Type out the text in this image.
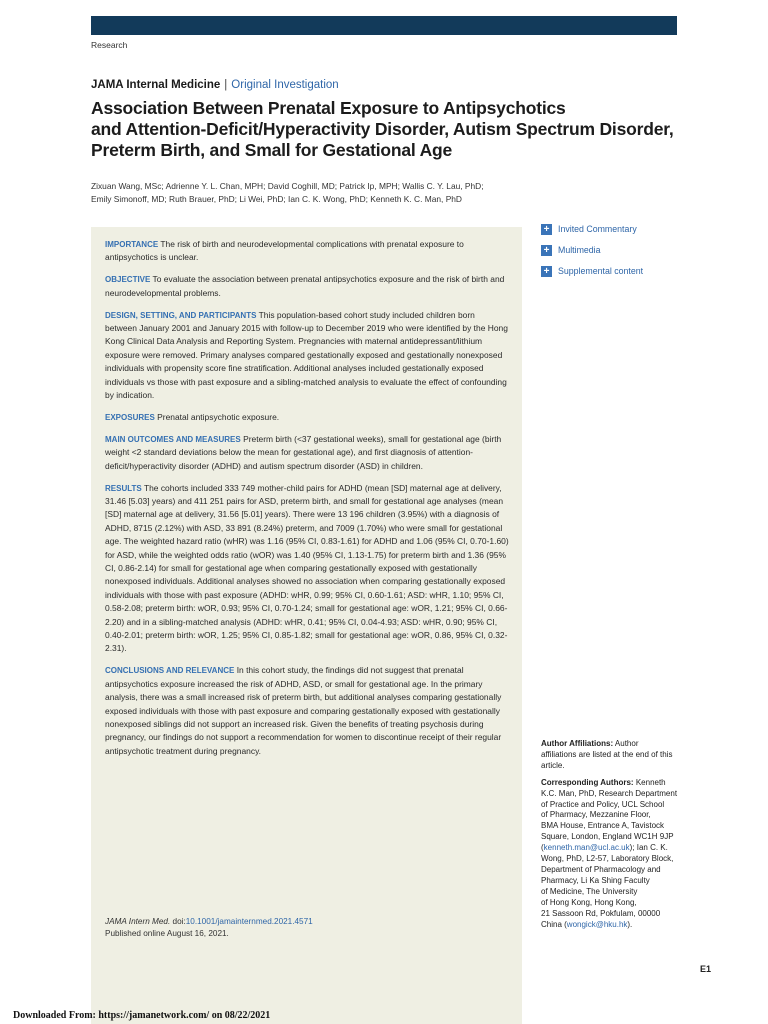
Research
JAMA Internal Medicine | Original Investigation
Association Between Prenatal Exposure to Antipsychotics
and Attention-Deficit/Hyperactivity Disorder, Autism Spectrum Disorder,
Preterm Birth, and Small for Gestational Age
Zixuan Wang, MSc; Adrienne Y. L. Chan, MPH; David Coghill, MD; Patrick Ip, MPH; Wallis C. Y. Lau, PhD;
Emily Simonoff, MD; Ruth Brauer, PhD; Li Wei, PhD; Ian C. K. Wong, PhD; Kenneth K. C. Man, PhD

IMPORTANCE The risk of birth and neurodevelopmental complications with prenatal exposure to antipsychotics is unclear.

OBJECTIVE To evaluate the association between prenatal antipsychotics exposure and the risk of birth and neurodevelopmental problems.

DESIGN, SETTING, AND PARTICIPANTS This population-based cohort study included children born between January 2001 and January 2015 with follow-up to December 2019 who were identified by the Hong Kong Clinical Data Analysis and Reporting System. Pregnancies with maternal antidepressant/lithium exposure were removed. Primary analyses compared gestationally exposed and gestationally nonexposed individuals with propensity score fine stratification. Additional analyses included gestationally exposed individuals vs those with past exposure and a sibling-matched analysis to evaluate the effect of confounding by indication.

EXPOSURES Prenatal antipsychotic exposure.

MAIN OUTCOMES AND MEASURES Preterm birth (<37 gestational weeks), small for gestational age (birth weight <2 standard deviations below the mean for gestational age), and first diagnosis of attention-deficit/hyperactivity disorder (ADHD) and autism spectrum disorder (ASD) in children.

RESULTS The cohorts included 333 749 mother-child pairs for ADHD (mean [SD] maternal age at delivery, 31.46 [5.03] years) and 411 251 pairs for ASD, preterm birth, and small for gestational age analyses (mean [SD] maternal age at delivery, 31.56 [5.01] years). There were 13 196 children (3.95%) with a diagnosis of ADHD, 8715 (2.12%) with ASD, 33 891 (8.24%) preterm, and 7009 (1.70%) who were small for gestational age. The weighted hazard ratio (wHR) was 1.16 (95% CI, 0.83-1.61) for ADHD and 1.06 (95% CI, 0.70-1.60) for ASD, while the weighted odds ratio (wOR) was 1.40 (95% CI, 1.13-1.75) for preterm birth and 1.36 (95% CI, 0.86-2.14) for small for gestational age when comparing gestationally exposed with gestationally nonexposed individuals. Additional analyses showed no association when comparing gestationally exposed individuals with those with past exposure (ADHD: wHR, 0.99; 95% CI, 0.60-1.61; ASD: wHR, 1.10; 95% CI, 0.58-2.08; preterm birth: wOR, 0.93; 95% CI, 0.70-1.24; small for gestational age: wOR, 1.21; 95% CI, 0.66-2.20) and in a sibling-matched analysis (ADHD: wHR, 0.41; 95% CI, 0.04-4.93; ASD: wHR, 0.90; 95% CI, 0.40-2.01; preterm birth: wOR, 1.25; 95% CI, 0.85-1.82; small for gestational age: wOR, 0.86, 95% CI, 0.32-2.31).

CONCLUSIONS AND RELEVANCE In this cohort study, the findings did not suggest that prenatal antipsychotics exposure increased the risk of ADHD, ASD, or small for gestational age. In the primary analysis, there was a small increased risk of preterm birth, but additional analyses comparing gestationally exposed individuals with those with past exposure and comparing gestationally exposed with gestationally nonexposed siblings did not support an increased risk. Given the benefits of treating psychosis during pregnancy, our findings do not support a recommendation for women to discontinue receipt of their regular antipsychotic treatment during pregnancy.

JAMA Intern Med. doi:10.1001/jamainternmed.2021.4571
Published online August 16, 2021.
+ Invited Commentary
+ Multimedia
+ Supplemental content
Author Affiliations: Author
affiliations are listed at the end of this
article.
Corresponding Authors: Kenneth
K.C. Man, PhD, Research Department
of Practice and Policy, UCL School
of Pharmacy, Mezzanine Floor,
BMA House, Entrance A, Tavistock
Square, London, England WC1H 9JP
(kenneth.man@ucl.ac.uk); Ian C. K.
Wong, PhD, L2-57, Laboratory Block,
Department of Pharmacology and
Pharmacy, Li Ka Shing Faculty
of Medicine, The University
of Hong Kong, Hong Kong,
21 Sassoon Rd, Pokfulam, 00000
China (wongick@hku.hk).
E1
Downloaded From: https://jamanetwork.com/ on 08/22/2021
